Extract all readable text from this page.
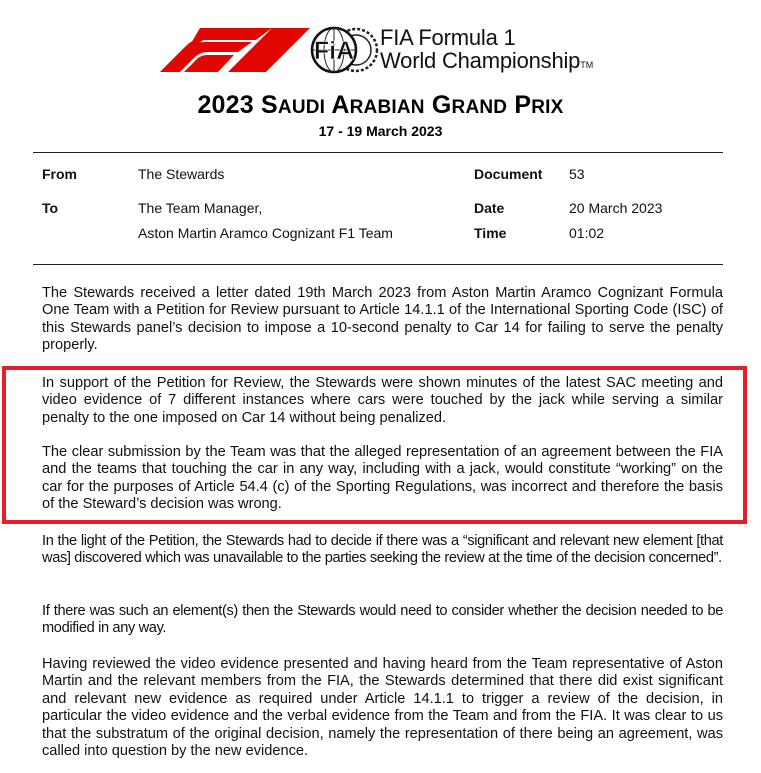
FiA FIA Formula 1
World ChampionshipTM
2023 SAUDI ARABIAN GRAND PRIX
17 - 19 March 2023
From	The Stewards	Document 53
To	The Team Manager,	Date	20 March 2023
Aston Martin Aramco Cognizant F1 Team	Time	01:02
The Stewards received a letter dated 19th March 2023 from Aston Martin Aramco Cognizant Formula One Team with a Petition for Review pursuant to Article 14.1.1 of the International Sporting Code (ISC) of this Stewards panel’s decision to impose a 10-second penalty to Car 14 for failing to serve the penalty properly.
In support of the Petition for Review, the Stewards were shown minutes of the latest SAC meeting and video evidence of 7 different instances where cars were touched by the jack while serving a similar penalty to the one imposed on Car 14 without being penalized.
The clear submission by the Team was that the alleged representation of an agreement between the FIA and the teams that touching the car in any way, including with a jack, would constitute “working” on the car for the purposes of Article 54.4 (c) of the Sporting Regulations, was incorrect and therefore the basis of the Steward’s decision was wrong.
In the light of the Petition, the Stewards had to decide if there was a “significant and relevant new element [that was] discovered which was unavailable to the parties seeking the review at the time of the decision concerned”.
If there was such an element(s) then the Stewards would need to consider whether the decision needed to be modified in any way.
Having reviewed the video evidence presented and having heard from the Team representative of Aston Martin and the relevant members from the FIA, the Stewards determined that there did exist significant and relevant new evidence as required under Article 14.1.1 to trigger a review of the decision, in particular the video evidence and the verbal evidence from the Team and from the FIA. It was clear to us that the substratum of the original decision, namely the representation of there being an agreement, was called into question by the new evidence.
